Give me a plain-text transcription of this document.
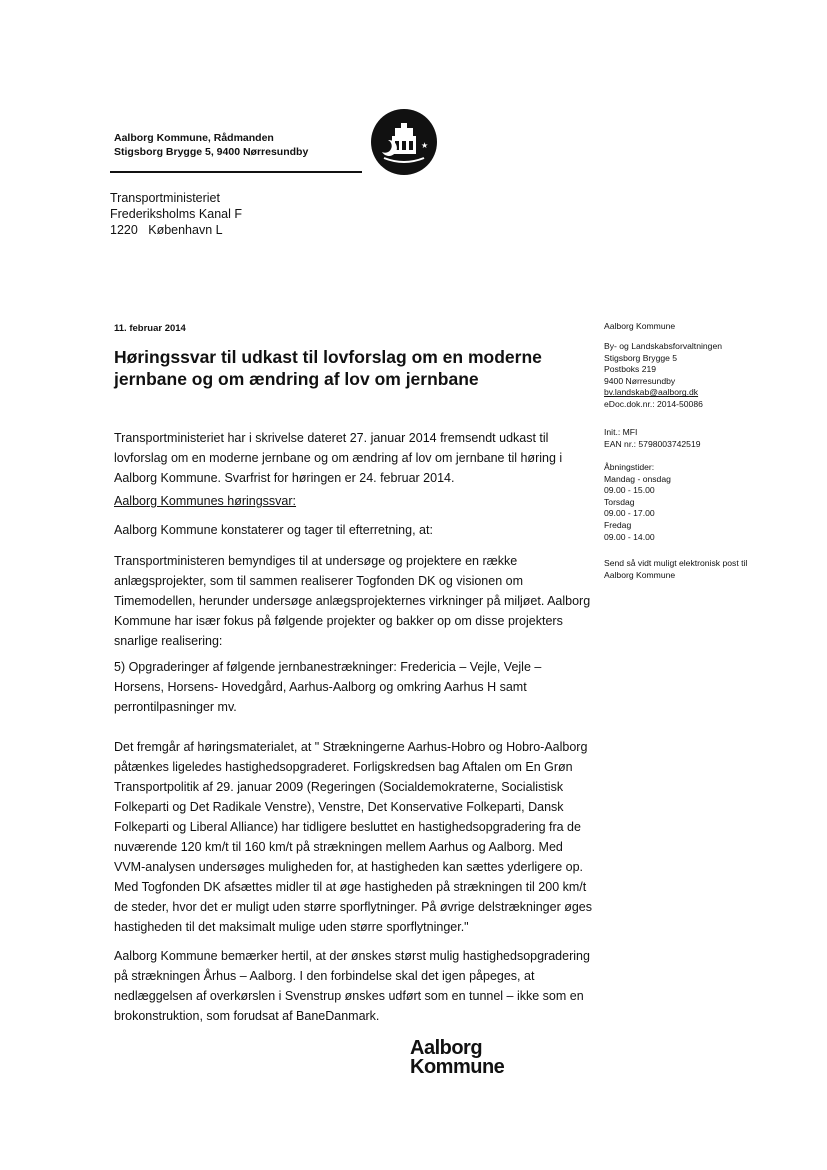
Aalborg Kommune, Rådmanden
Stigsborg Brygge 5, 9400 Nørresundby
★
Transportministeriet
Frederiksholms Kanal F
1220   København L
11. februar 2014
Høringssvar til udkast til lovforslag om en moderne jernbane og om ændring af lov om jernbane

Transportministeriet har i skrivelse dateret 27. januar 2014 fremsendt udkast til lovforslag om en moderne jernbane og om ændring af lov om jernbane til høring i Aalborg Kommune. Svarfrist for høringen er 24. februar 2014.

Aalborg Kommunes høringssvar:

Aalborg Kommune konstaterer og tager til efterretning, at:

Transportministeren bemyndiges til at undersøge og projektere en række anlægsprojekter, som til sammen realiserer Togfonden DK og visionen om Timemodellen, herunder undersøge anlægsprojekternes virkninger på miljøet. Aalborg Kommune har især fokus på følgende projekter og bakker op om disse projekters snarlige realisering:

5) Opgraderinger af følgende jernbanestrækninger: Fredericia – Vejle, Vejle – Horsens, Horsens- Hovedgård, Aarhus-Aalborg og omkring Aarhus H samt perrontilpasninger mv.

Det fremgår af høringsmaterialet, at " Strækningerne Aarhus-Hobro og Hobro-Aalborg påtænkes ligeledes hastighedsopgraderet. Forligskredsen bag Aftalen om En Grøn Transportpolitik af 29. januar 2009 (Regeringen (Socialdemokraterne, Socialistisk Folkeparti og Det Radikale Venstre), Venstre, Det Konservative Folkeparti, Dansk Folkeparti og Liberal Alliance) har tidligere besluttet en hastighedsopgradering fra de nuværende 120 km/t til 160 km/t på strækningen mellem Aarhus og Aalborg. Med VVM-analysen undersøges muligheden for, at hastigheden kan sættes yderligere op. Med Togfonden DK afsættes midler til at øge hastigheden på strækningen til 200 km/t de steder, hvor det er muligt uden større sporflytninger. På øvrige delstrækninger øges hastigheden til det maksimalt mulige uden større sporflytninger."

Aalborg Kommune bemærker hertil, at der ønskes størst mulig hastighedsopgradering på strækningen Århus – Aalborg. I den forbindelse skal det igen påpeges, at nedlæggelsen af overkørslen i Svenstrup ønskes udført som en tunnel – ikke som en brokonstruktion, som forudsat af BaneDanmark.

Aalborg Kommune
By- og Landskabsforvaltningen
Stigsborg Brygge 5
Postboks 219
9400 Nørresundby
bv.landskab@aalborg.dk
eDoc.dok.nr.: 2014-50086
Init.: MFI
EAN nr.: 5798003742519
Åbningstider:
Mandag - onsdag
09.00 - 15.00
Torsdag
09.00 - 17.00
Fredag
09.00 - 14.00
Send så vidt muligt elektronisk post til Aalborg Kommune
Aalborg
Kommune
